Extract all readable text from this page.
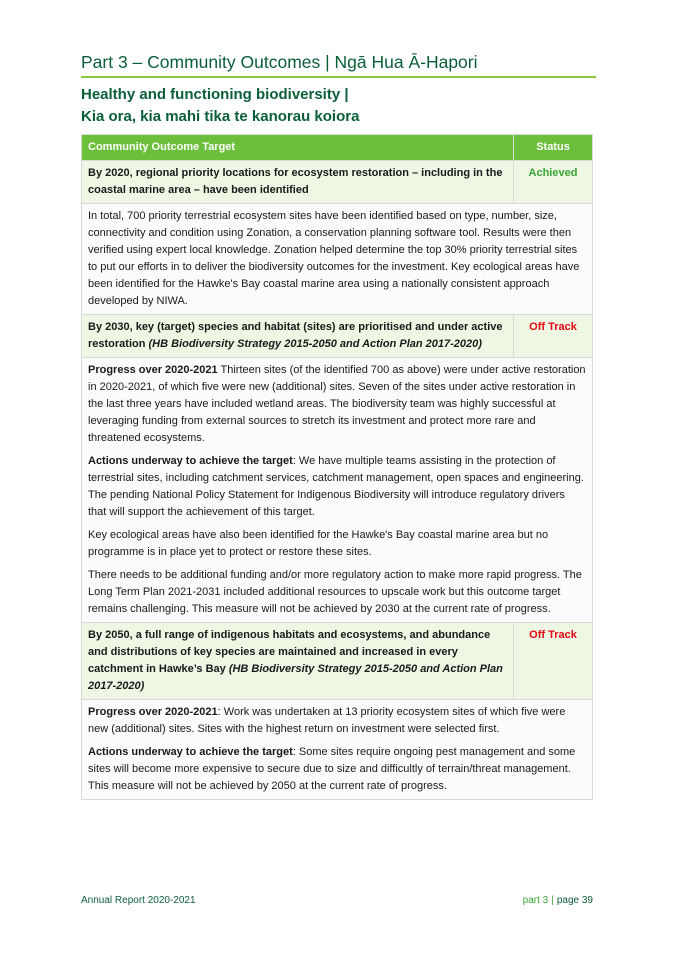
Part 3 – Community Outcomes | Ngā Hua Ā-Hapori
Healthy and functioning biodiversity |
Kia ora, kia mahi tika te kanorau koiora
Community Outcome Target	Status
By 2020, regional priority locations for ecosystem restoration – including in the coastal marine area – have been identified	Achieved

In total, 700 priority terrestrial ecosystem sites have been identified based on type, number, size, connectivity and condition using Zonation, a conservation planning software tool. Results were then verified using expert local knowledge. Zonation helped determine the top 30% priority terrestrial sites to put our efforts in to deliver the biodiversity outcomes for the investment. Key ecological areas have been identified for the Hawke's Bay coastal marine area using a nationally consistent approach developed by NIWA.	

By 2030, key (target) species and habitat (sites) are prioritised and under active restoration (HB Biodiversity Strategy 2015-2050 and Action Plan 2017-2020)	Off Track

Progress over 2020-2021 Thirteen sites (of the identified 700 as above) were under active restoration in 2020-2021, of which five were new (additional) sites. Seven of the sites under active restoration in the last three years have included wetland areas. The biodiversity team was highly successful at leveraging funding from external sources to stretch its investment and protect more rare and threatened ecosystems.

Actions underway to achieve the target: We have multiple teams assisting in the protection of terrestrial sites, including catchment services, catchment management, open spaces and engineering. The pending National Policy Statement for Indigenous Biodiversity will introduce regulatory drivers that will support the achievement of this target.

Key ecological areas have also been identified for the Hawke's Bay coastal marine area but no programme is in place yet to protect or restore these sites.

There needs to be additional funding and/or more regulatory action to make more rapid progress. The Long Term Plan 2021-2031 included additional resources to upscale work but this outcome target remains challenging. This measure will not be achieved by 2030 at the current rate of progress.	

By 2050, a full range of indigenous habitats and ecosystems, and abundance and distributions of key species are maintained and increased in every catchment in Hawke’s Bay (HB Biodiversity Strategy 2015-2050 and Action Plan 2017-2020)	Off Track

Progress over 2020-2021: Work was undertaken at 13 priority ecosystem sites of which five were new (additional) sites. Sites with the highest return on investment were selected first.

Actions underway to achieve the target: Some sites require ongoing pest management and some sites will become more expensive to secure due to size and difficultly of terrain/threat management. This measure will not be achieved by 2050 at the current rate of progress.	

Annual Report 2020-2021	part 3 | page 39
